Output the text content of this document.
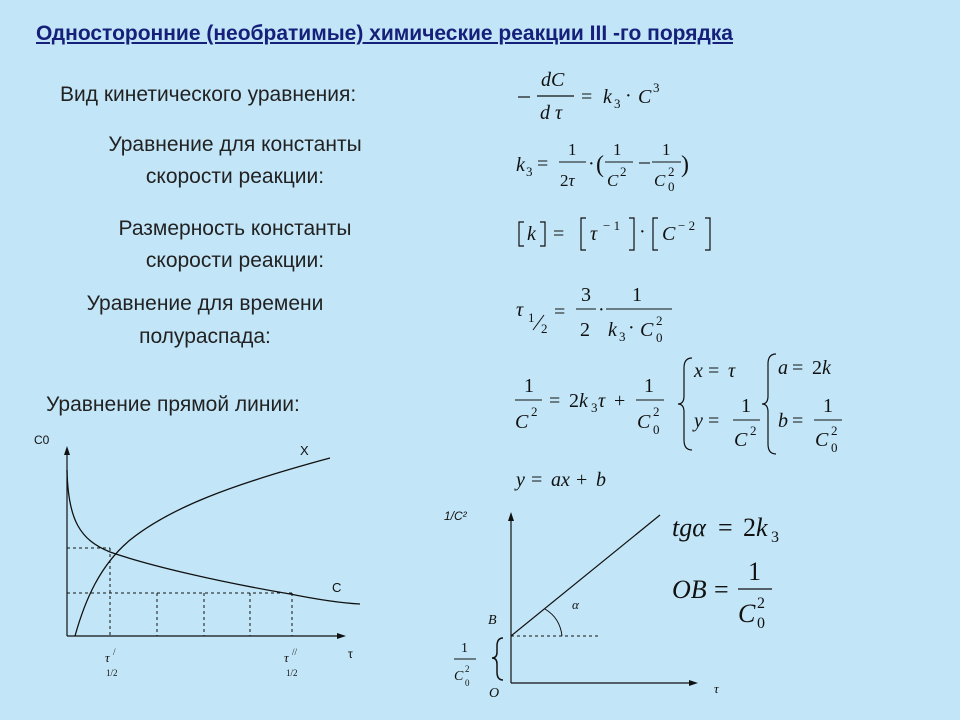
Односторонние (необратимые) химические реакции III -го порядка
Вид кинетического уравнения:
Уравнение для константы
скорости реакции:
Размерность константы
скорости реакции:
Уравнение для времени
полураспада:
Уравнение прямой линии:
dC
d τ
= k 3 · C 3
k 3 =
1
2τ
· (
1
C 2
1
C 2
0
)
k = τ − 1 · C − 2
τ 1
2
=
3
2
·
1
k 3 · C 2
0
1
C 2 = 2k 3 τ +
1
C 2
0
x = τ
y =
1
C 2
a = 2k
b =
1
C 2
0
y = ax + b
tgα = 2k 3
OB =
1
C 2
0
C0
τ
X
C
τ /
1/2
τ //
1/2
1/C²
τ
α
B
O
1
C 2
0
